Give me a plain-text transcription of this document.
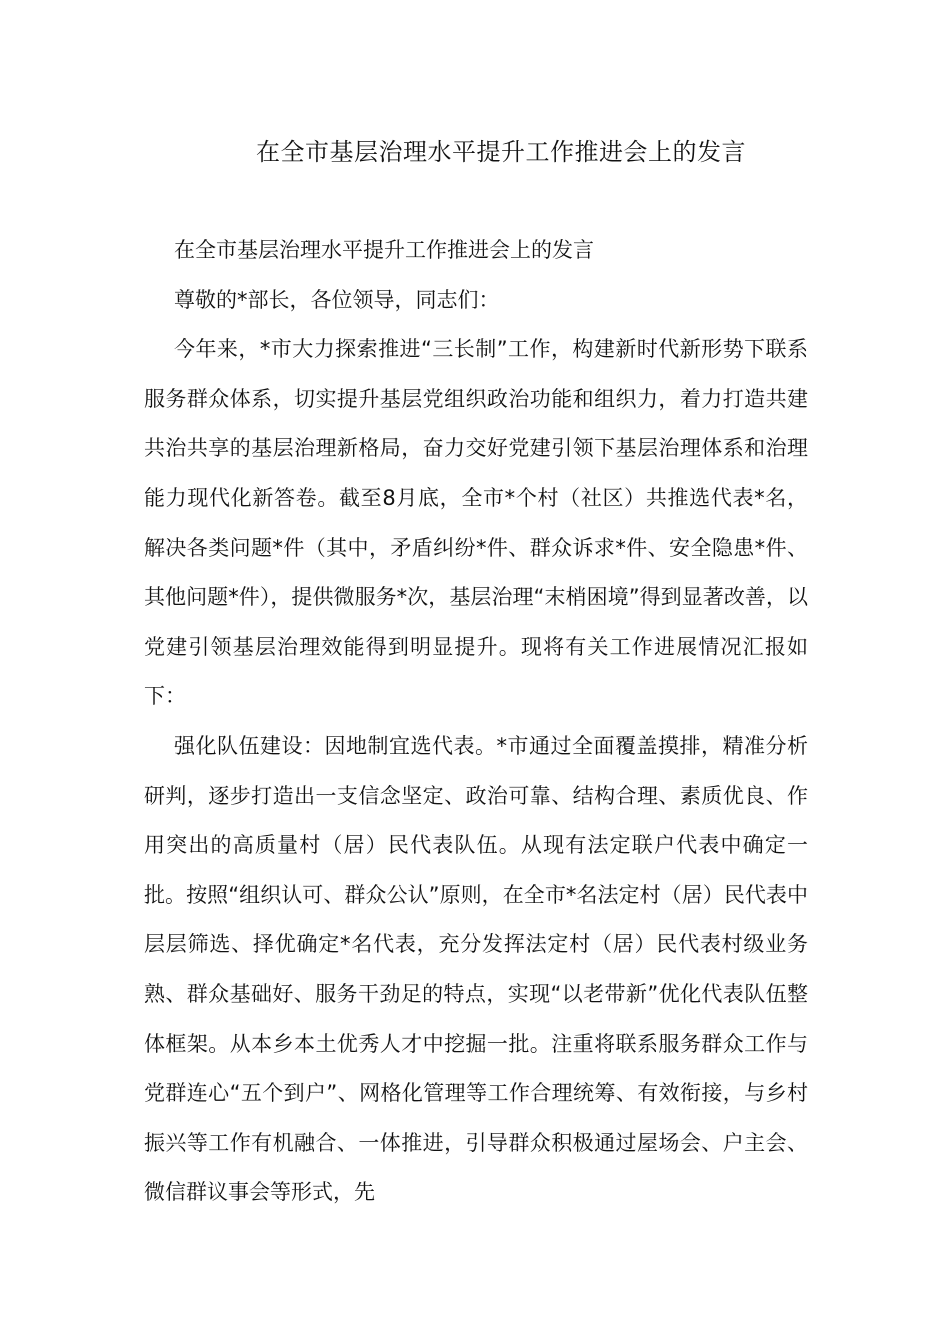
在全市基层治理水平提升工作推进会上的发言

在全市基层治理水平提升工作推进会上的发言

尊敬的*部长，各位领导，同志们：

今年来，*市大力探索推进“三长制”工作，构建新时代新形势下联系服务群众体系，切实提升基层党组织政治功能和组织力，着力打造共建共治共享的基层治理新格局，奋力交好党建引领下基层治理体系和治理能力现代化新答卷。截至8月底，全市*个村（社区）共推选代表*名，解决各类问题*件（其中，矛盾纠纷*件、群众诉求*件、安全隐患*件、其他问题*件），提供微服务*次，基层治理“末梢困境”得到显著改善，以党建引领基层治理效能得到明显提升。现将有关工作进展情况汇报如下：

强化队伍建设：因地制宜选代表。*市通过全面覆盖摸排，精准分析研判，逐步打造出一支信念坚定、政治可靠、结构合理、素质优良、作用突出的高质量村（居）民代表队伍。从现有法定联户代表中确定一批。按照“组织认可、群众公认”原则，在全市*名法定村（居）民代表中层层筛选、择优确定*名代表，充分发挥法定村（居）民代表村级业务熟、群众基础好、服务干劲足的特点，实现“以老带新”优化代表队伍整体框架。从本乡本土优秀人才中挖掘一批。注重将联系服务群众工作与党群连心“五个到户”、网格化管理等工作合理统筹、有效衔接，与乡村振兴等工作有机融合、一体推进，引导群众积极通过屋场会、户主会、微信群议事会等形式，先
